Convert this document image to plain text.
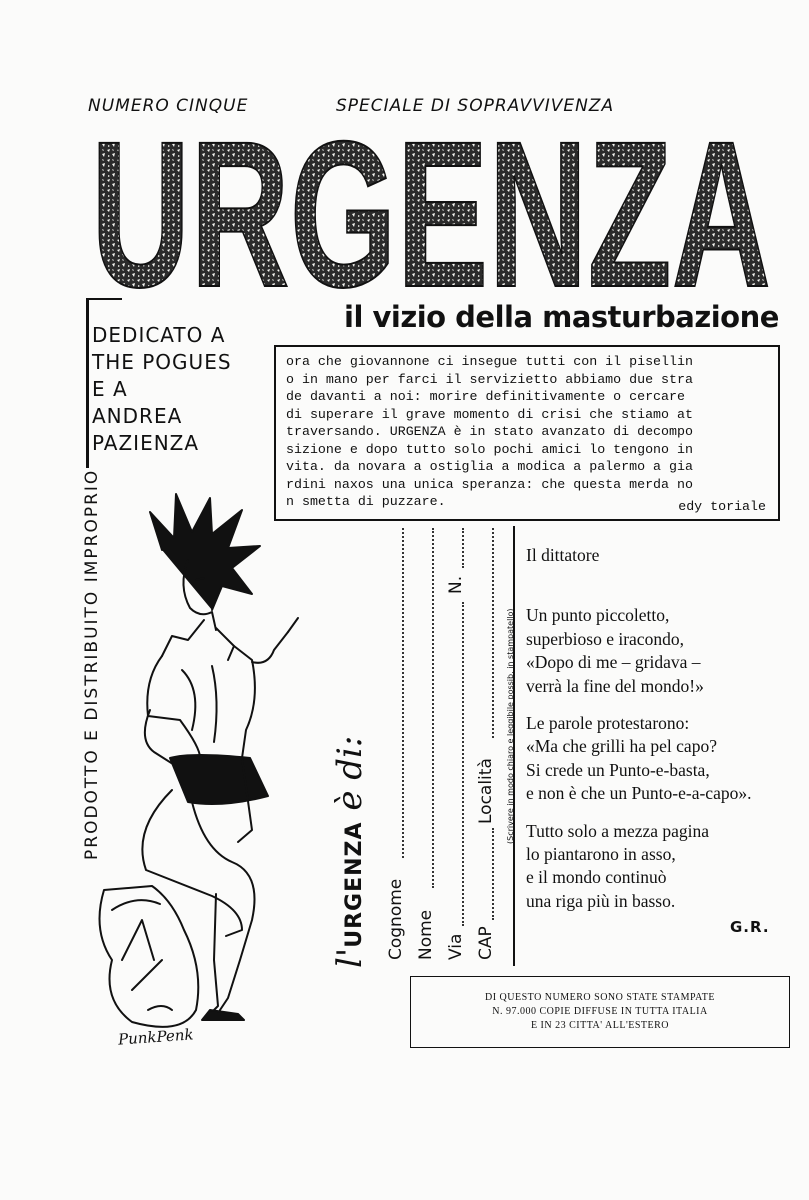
NUMERO CINQUE	SPECIALE DI SOPRAVVIVENZA
URGENZA
DEDICATO A
THE POGUES
E A
ANDREA
PAZIENZA
il vizio della masturbazione
ora che giovannone ci insegue tutti con il pisellin
o in mano per farci il servizietto abbiamo due stra
de davanti a noi: morire definitivamente o cercare
di superare il grave momento di crisi che stiamo at
traversando. URGENZA è in stato avanzato di decompo
sizione e dopo tutto solo pochi amici lo tengono in
vita. da novara a ostiglia a modica a palermo a gia
rdini naxos una unica speranza: che questa merda no
n smetta di puzzare.	edy toriale
PRODOTTO E DISTRIBUITO IMPROPRIO
PunkPenk
l'URGENZA è di:
Cognome Nome Via
N.
CAP
Località (Scrivere in modo chiaro e leggibile possib. in stampatello)
Il dittatore
Un punto piccoletto,
superbioso e iracondo,
«Dopo di me – gridava –
verrà la fine del mondo!»
Le parole protestarono:
«Ma che grilli ha pel capo?
Si crede un Punto-e-basta,
e non è che un Punto-e-a-capo».
Tutto solo a mezza pagina
lo piantarono in asso,
e il mondo continuò
una riga più in basso.
G.R.
DI QUESTO NUMERO SONO STATE STAMPATE
N. 97.000 COPIE DIFFUSE IN TUTTA ITALIA
E IN 23 CITTA' ALL'ESTERO
